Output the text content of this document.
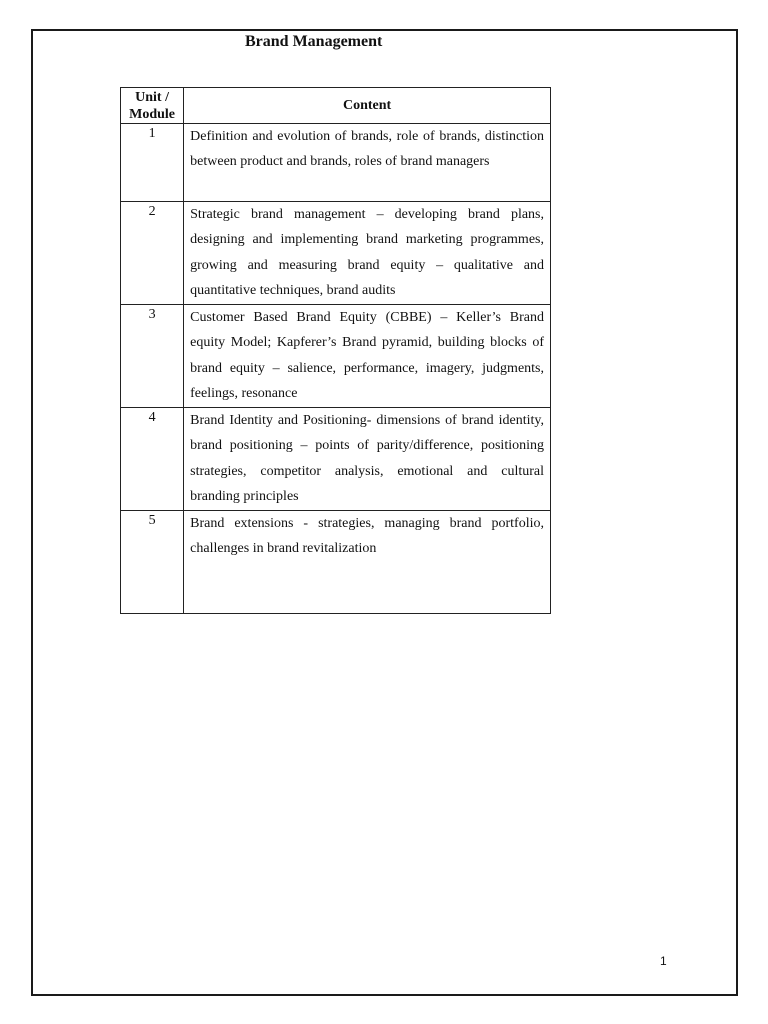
Brand Management
Unit /
Module	Content
1	Definition and evolution of brands, role of brands, distinction between product and brands, roles of brand managers
2	Strategic brand management – developing brand plans, designing and implementing brand marketing programmes, growing and measuring brand equity – qualitative and quantitative techniques, brand audits
3	Customer Based Brand Equity (CBBE) – Keller’s Brand equity Model; Kapferer’s Brand pyramid, building blocks of brand equity – salience, performance, imagery, judgments, feelings, resonance
4	Brand Identity and Positioning- dimensions of brand identity, brand positioning – points of parity/difference, positioning strategies, competitor analysis, emotional and cultural branding principles
5	Brand extensions - strategies, managing brand portfolio, challenges in brand revitalization
1
